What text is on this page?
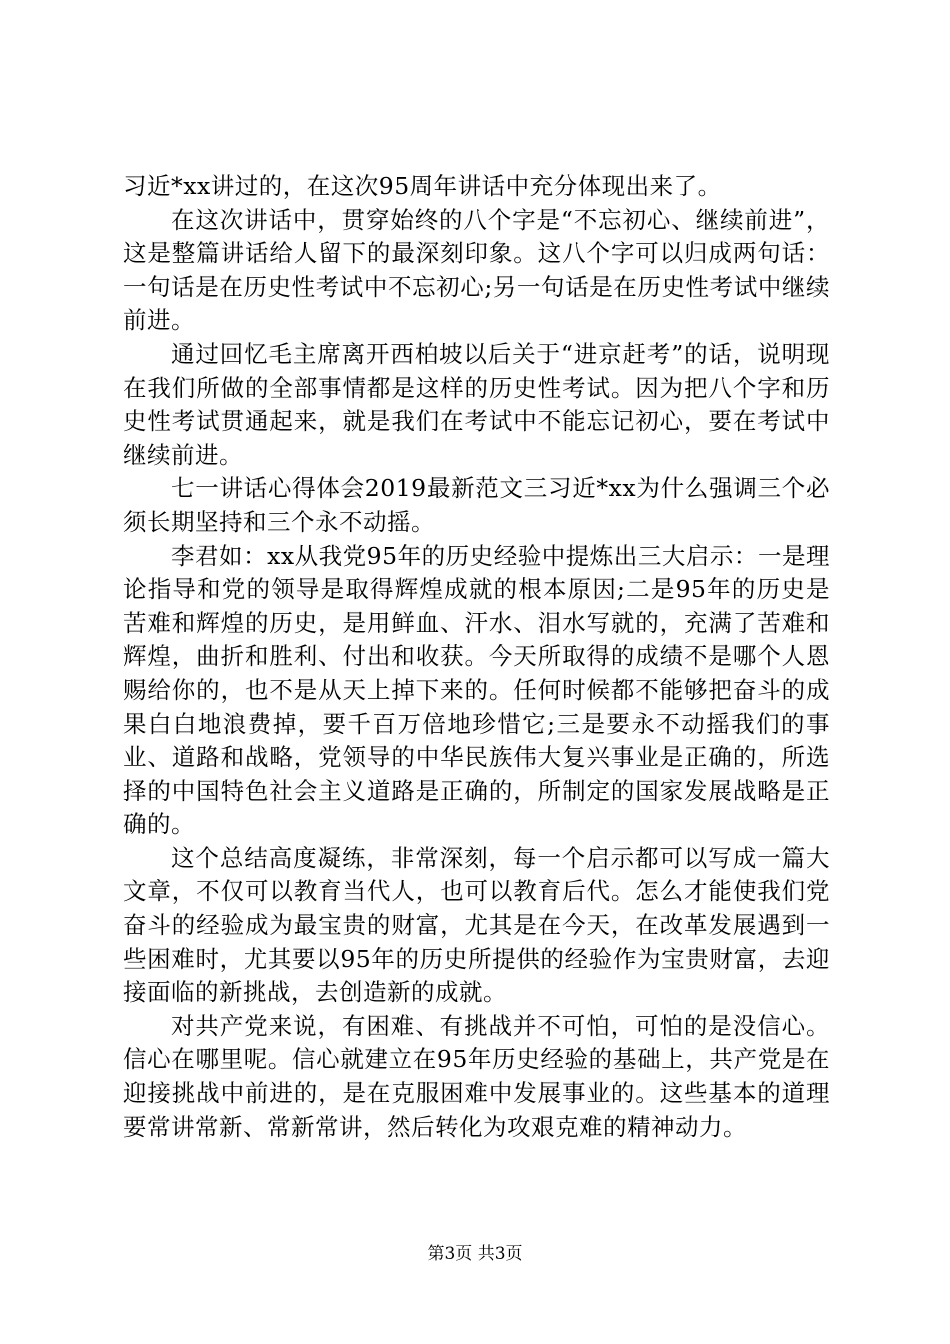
习近*xx讲过的，在这次95周年讲话中充分体现出来了。

在这次讲话中，贯穿始终的八个字是“不忘初心、继续前进”，这是整篇讲话给人留下的最深刻印象。这八个字可以归成两句话：一句话是在历史性考试中不忘初心;另一句话是在历史性考试中继续前进。

通过回忆毛主席离开西柏坡以后关于“进京赶考”的话，说明现在我们所做的全部事情都是这样的历史性考试。因为把八个字和历史性考试贯通起来，就是我们在考试中不能忘记初心，要在考试中继续前进。

七一讲话心得体会2019最新范文三习近*xx为什么强调三个必须长期坚持和三个永不动摇。

李君如：xx从我党95年的历史经验中提炼出三大启示：一是理论指导和党的领导是取得辉煌成就的根本原因;二是95年的历史是苦难和辉煌的历史，是用鲜血、汗水、泪水写就的，充满了苦难和辉煌，曲折和胜利、付出和收获。今天所取得的成绩不是哪个人恩赐给你的，也不是从天上掉下来的。任何时候都不能够把奋斗的成果白白地浪费掉，要千百万倍地珍惜它;三是要永不动摇我们的事业、道路和战略，党领导的中华民族伟大复兴事业是正确的，所选择的中国特色社会主义道路是正确的，所制定的国家发展战略是正确的。

这个总结高度凝练，非常深刻，每一个启示都可以写成一篇大文章，不仅可以教育当代人，也可以教育后代。怎么才能使我们党奋斗的经验成为最宝贵的财富，尤其是在今天，在改革发展遇到一些困难时，尤其要以95年的历史所提供的经验作为宝贵财富，去迎接面临的新挑战，去创造新的成就。

对共产党来说，有困难、有挑战并不可怕，可怕的是没信心。信心在哪里呢。信心就建立在95年历史经验的基础上，共产党是在迎接挑战中前进的，是在克服困难中发展事业的。这些基本的道理要常讲常新、常新常讲，然后转化为攻艰克难的精神动力。

第3页 共3页
